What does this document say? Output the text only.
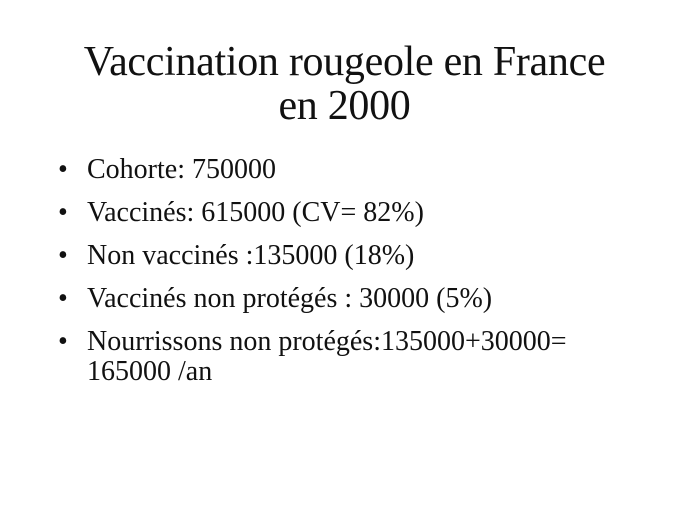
Vaccination rougeole en France
en 2000
• Cohorte: 750000
• Vaccinés: 615000 (CV= 82%)
• Non vaccinés :135000 (18%)
• Vaccinés non protégés : 30000 (5%)
• Nourrissons non protégés:135000+30000=
165000 /an
